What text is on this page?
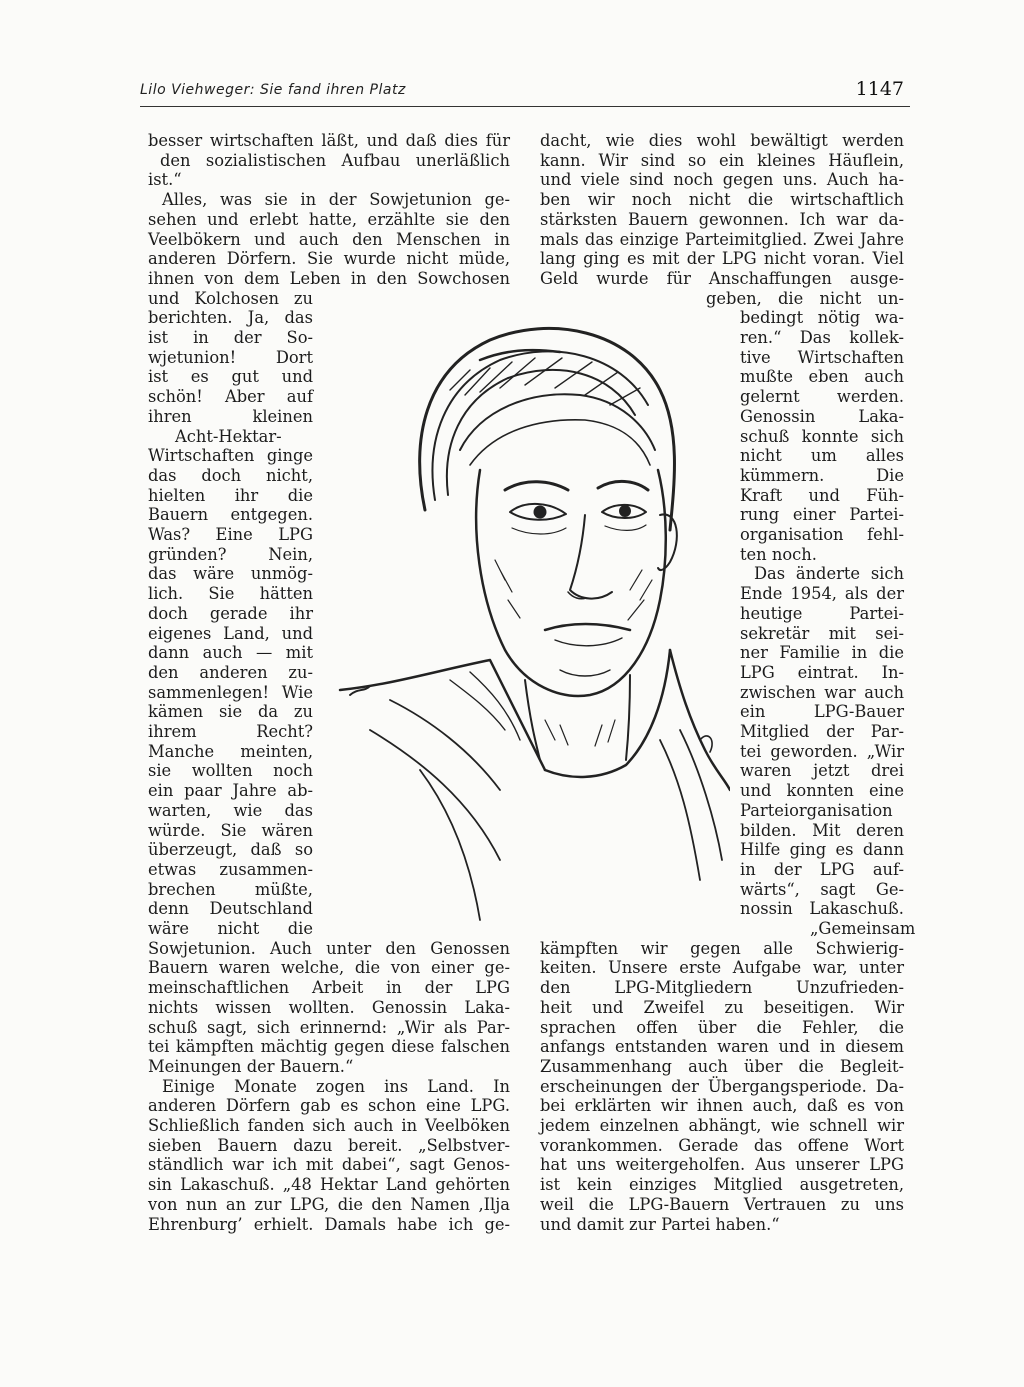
Lilo Viehweger: Sie fand ihren Platz	1147

besser wirtschaften läßt, und daß dies für

den sozialistischen Aufbau unerläßlich

ist.“

Alles, was sie in der Sowjetunion ge-

sehen und erlebt hatte, erzählte sie den

Veelbökern und auch den Menschen in

anderen Dörfern. Sie wurde nicht müde,

ihnen von dem Leben in den Sowchosen

und Kolchosen zu

berichten. Ja, das

ist in der So-

wjetunion! Dort

ist es gut und

schön! Aber auf

ihren kleinen

Acht-Hektar-

Wirtschaften ginge

das doch nicht,

hielten ihr die

Bauern entgegen.

Was? Eine LPG

gründen? Nein,

das wäre unmög-

lich. Sie hätten

doch gerade ihr

eigenes Land, und

dann auch — mit

den anderen zu-

sammenlegen! Wie

kämen sie da zu

ihrem Recht?

Manche meinten,

sie wollten noch

ein paar Jahre ab-

warten, wie das

würde. Sie wären

überzeugt, daß so

etwas zusammen-

brechen müßte,

denn Deutschland

wäre nicht die

Sowjetunion. Auch unter den Genossen

Bauern waren welche, die von einer ge-

meinschaftlichen Arbeit in der LPG

nichts wissen wollten. Genossin Laka-

schuß sagt, sich erinnernd: „Wir als Par-

tei kämpften mächtig gegen diese falschen

Meinungen der Bauern.“

Einige Monate zogen ins Land. In

anderen Dörfern gab es schon eine LPG.

Schließlich fanden sich auch in Veelböken

sieben Bauern dazu bereit. „Selbstver-

ständlich war ich mit dabei“, sagt Genos-

sin Lakaschuß. „48 Hektar Land gehörten

von nun an zur LPG, die den Namen ‚Ilja

Ehrenburg’ erhielt. Damals habe ich ge-

dacht, wie dies wohl bewältigt werden

kann. Wir sind so ein kleines Häuflein,

und viele sind noch gegen uns. Auch ha-

ben wir noch nicht die wirtschaftlich

stärksten Bauern gewonnen. Ich war da-

mals das einzige Parteimitglied. Zwei Jahre

lang ging es mit der LPG nicht voran. Viel

Geld wurde für Anschaffungen ausge-

geben, die nicht un-

bedingt nötig wa-

ren.“ Das kollek-

tive Wirtschaften

mußte eben auch

gelernt werden.

Genossin Laka-

schuß konnte sich

nicht um alles

kümmern. Die

Kraft und Füh-

rung einer Partei-

organisation fehl-

ten noch.

Das änderte sich

Ende 1954, als der

heutige Partei-

sekretär mit sei-

ner Familie in die

LPG eintrat. In-

zwischen war auch

ein LPG-Bauer

Mitglied der Par-

tei geworden. „Wir

waren jetzt drei

und konnten eine

Parteiorganisation

bilden. Mit deren

Hilfe ging es dann

in der LPG auf-

wärts“, sagt Ge-

nossin Lakaschuß.

„Gemeinsam

kämpften wir gegen alle Schwierig-

keiten. Unsere erste Aufgabe war, unter

den LPG-Mitgliedern Unzufrieden-

heit und Zweifel zu beseitigen. Wir

sprachen offen über die Fehler, die

anfangs entstanden waren und in diesem

Zusammenhang auch über die Begleit-

erscheinungen der Übergangsperiode. Da-

bei erklärten wir ihnen auch, daß es von

jedem einzelnen abhängt, wie schnell wir

vorankommen. Gerade das offene Wort

hat uns weitergeholfen. Aus unserer LPG

ist kein einziges Mitglied ausgetreten,

weil die LPG-Bauern Vertrauen zu uns

und damit zur Partei haben.“
